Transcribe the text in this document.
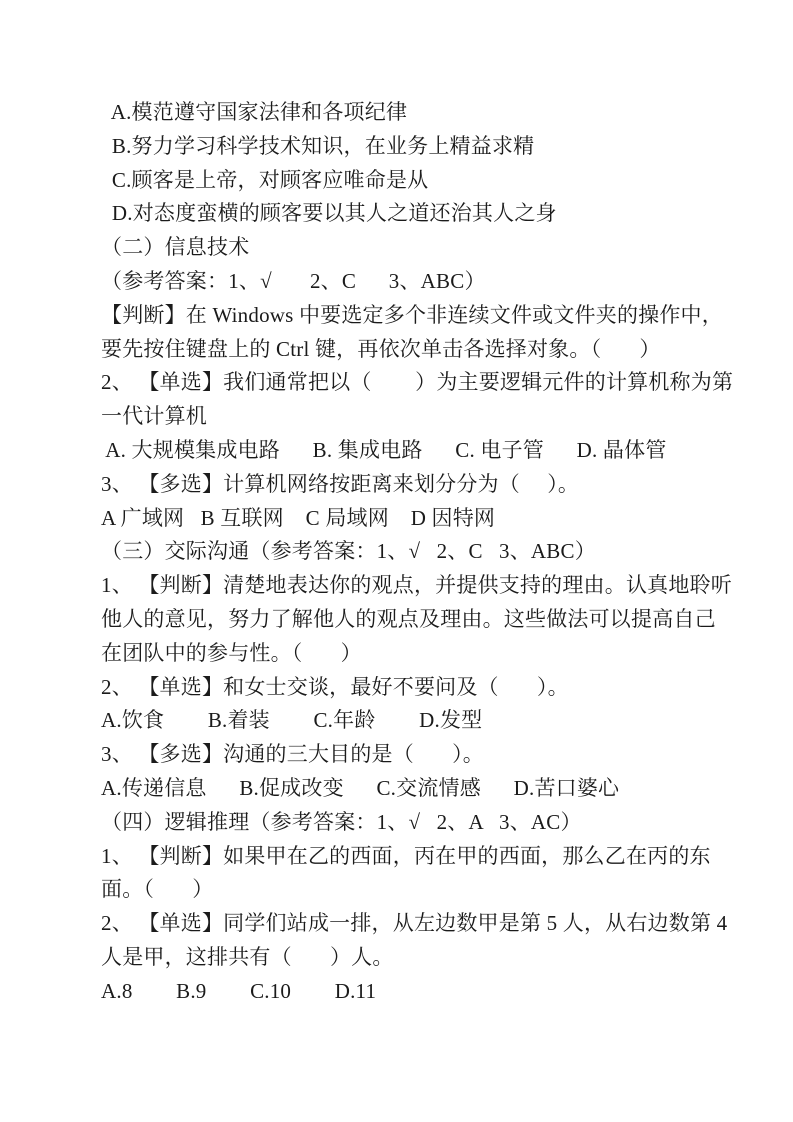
A.模范遵守国家法律和各项纪律
B.努力学习科学技术知识，在业务上精益求精
C.顾客是上帝，对顾客应唯命是从
D.对态度蛮横的顾客要以其人之道还治其人之身
（二）信息技术
（参考答案：1、√       2、C      3、ABC）
【判断】在 Windows 中要选定多个非连续文件或文件夹的操作中，
要先按住键盘上的 Ctrl 键，再依次单击各选择对象。（       ）
2、 【单选】我们通常把以（        ）为主要逻辑元件的计算机称为第
一代计算机
A. 大规模集成电路      B. 集成电路      C. 电子管      D. 晶体管
3、 【多选】计算机网络按距离来划分分为（     ）。
A 广域网   B 互联网    C 局域网    D 因特网
（三）交际沟通（参考答案：1、√   2、C   3、ABC）
1、 【判断】清楚地表达你的观点，并提供支持的理由。认真地聆听
他人的意见，努力了解他人的观点及理由。这些做法可以提高自己
在团队中的参与性。（       ）
2、 【单选】和女士交谈，最好不要问及（       ）。
A.饮食        B.着装        C.年龄        D.发型
3、 【多选】沟通的三大目的是（       ）。
A.传递信息      B.促成改变      C.交流情感      D.苦口婆心
（四）逻辑推理（参考答案：1、√   2、A   3、AC）
1、 【判断】如果甲在乙的西面，丙在甲的西面，那么乙在丙的东
面。（       ）
2、 【单选】同学们站成一排，从左边数甲是第 5 人，从右边数第 4
人是甲，这排共有（       ）人。
A.8        B.9        C.10        D.11
